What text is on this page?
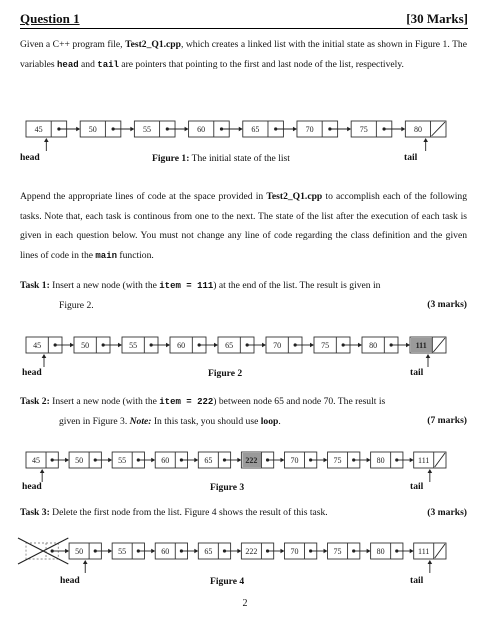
Question 1	[30 Marks]

Given a C++ program file, Test2_Q1.cpp, which creates a linked list with the initial state as shown in Figure 1. The variables head and tail are pointers that pointing to the first and last node of the list, respectively.

45	50	55	60	65	70	75	80
head	Figure 1: The initial state of the list	tail

Append the appropriate lines of code at the space provided in Test2_Q1.cpp to accomplish each of the following tasks. Note that, each task is continous from one to the next. The state of the list after the execution of each task is given in each question below. You must not change any line of code regarding the class definition and the given lines of code in the main function.

Task 1: Insert a new node (with the item = 111) at the end of the list. The result is given in
Figure 2.	(3 marks)
45	50	55	60	65	70	75	80	111
head	Figure 2	tail
Task 2: Insert a new node (with the item = 222) between node 65 and node 70. The result is
given in Figure 3. Note: In this task, you should use loop.	(7 marks)
45	50	55	60	65	222	70	75	80	111
head	Figure 3	tail
Task 3: Delete the first node from the list. Figure 4 shows the result of this task.	(3 marks)
50	55	60	65	222	70	75	80	111
head	Figure 4	tail
2
